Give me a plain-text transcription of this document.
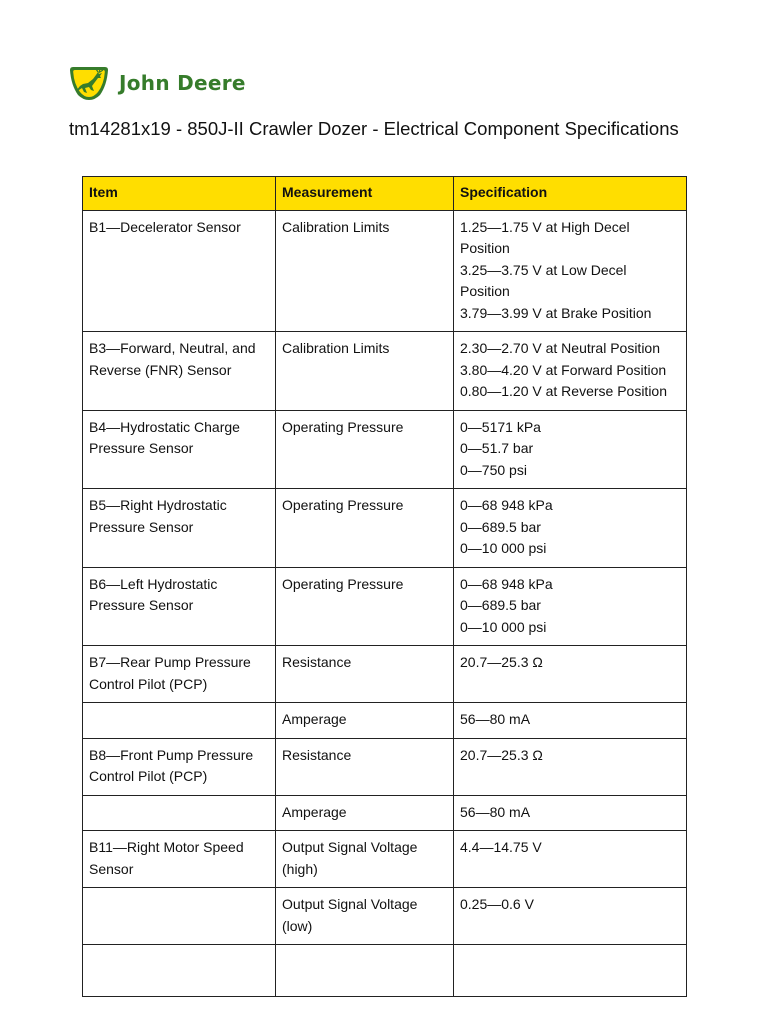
John Deere
tm14281x19 - 850J-II Crawler Dozer - Electrical Component Specifications
Item	Measurement	Specification
B1—Decelerator Sensor	Calibration Limits	1.25—1.75 V at High Decel Position
3.25—3.75 V at Low Decel Position
3.79—3.99 V at Brake Position

B3—Forward, Neutral, and Reverse (FNR) Sensor	Calibration Limits	2.30—2.70 V at Neutral Position
3.80—4.20 V at Forward Position
0.80—1.20 V at Reverse Position

B4—Hydrostatic Charge Pressure Sensor	Operating Pressure	0—5171 kPa
0—51.7 bar
0—750 psi

B5—Right Hydrostatic Pressure Sensor	Operating Pressure	0—68 948 kPa
0—689.5 bar
0—10 000 psi

B6—Left Hydrostatic Pressure Sensor	Operating Pressure	0—68 948 kPa
0—689.5 bar
0—10 000 psi

B7—Rear Pump Pressure Control Pilot (PCP)	Resistance	20.7—25.3 Ω

	Amperage	56—80 mA

B8—Front Pump Pressure Control Pilot (PCP)	Resistance	20.7—25.3 Ω

	Amperage	56—80 mA

B11—Right Motor Speed Sensor	Output Signal Voltage (high)	4.4—14.75 V

	Output Signal Voltage (low)	0.25—0.6 V
